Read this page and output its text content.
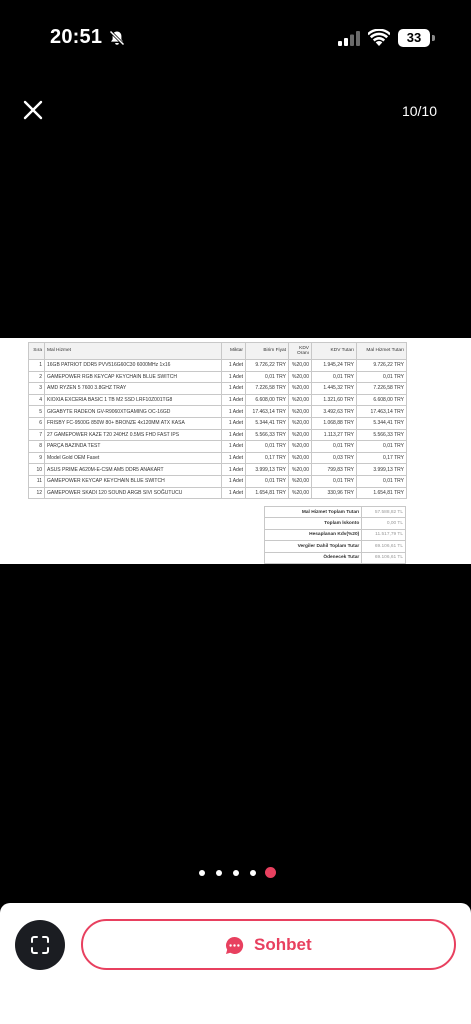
20:51	33
10/10
Sıra	Mal Hizmet	Miktar	Birim Fiyat	KDV Oranı	KDV Tutarı	Mal Hizmet Tutarı
1	16GB PATRIOT DDR5 PVV516G60C30 6000MHz 1x16	1 Adet	9.726,22 TRY	%20,00	1.945,24 TRY	9.726,22 TRY
2	GAMEPOWER RGB KEYCAP KEYCHAIN BLUE SWITCH	1 Adet	0,01 TRY	%20,00	0,01 TRY	0,01 TRY
3	AMD RYZEN 5 7600 3.8GHZ TRAY	1 Adet	7.226,58 TRY	%20,00	1.445,32 TRY	7.226,58 TRY
4	KIOXIA EXCERIA BASIC 1 TB M2 SSD LRF10Z001TG8	1 Adet	6.608,00 TRY	%20,00	1.321,60 TRY	6.608,00 TRY
5	GIGABYTE RADEON GV-R9060XTGAMING OC-16GD	1 Adet	17.463,14 TRY	%20,00	3.492,63 TRY	17.463,14 TRY
6	FRISBY FC-9500G 850W 80+ BRONZE 4x120MM ATX KASA	1 Adet	5.344,41 TRY	%20,00	1.068,88 TRY	5.344,41 TRY
7	27 GAMEPOWER KAZE T20 240HZ 0.5MS FHD FAST IPS	1 Adet	5.566,33 TRY	%20,00	1.113,27 TRY	5.566,33 TRY
8	PARÇA BAZINDA TEST	1 Adet	0,01 TRY	%20,00	0,01 TRY	0,01 TRY
9	Model Gold OEM Faset	1 Adet	0,17 TRY	%20,00	0,03 TRY	0,17 TRY
10	ASUS PRIME A620M-E-CSM AM5 DDR5 ANAKART	1 Adet	3.999,13 TRY	%20,00	799,83 TRY	3.999,13 TRY
11	GAMEPOWER KEYCAP KEYCHAIN BLUE SWITCH	1 Adet	0,01 TRY	%20,00	0,01 TRY	0,01 TRY
12	GAMEPOWER SKADI 120 SOUND ARGB SIVI SOĞUTUCU	1 Adet	1.654,81 TRY	%20,00	330,96 TRY	1.654,81 TRY
Mal Hizmet Toplam Tutarı	57.588,82 TL
Toplam İskonto	0,00 TL
Hesaplanan Kdv(%20)	11.517,79 TL
Vergiler Dahil Toplam Tutar	69.106,61 TL
Ödenecek Tutar	69.106,61 TL
Sohbet
